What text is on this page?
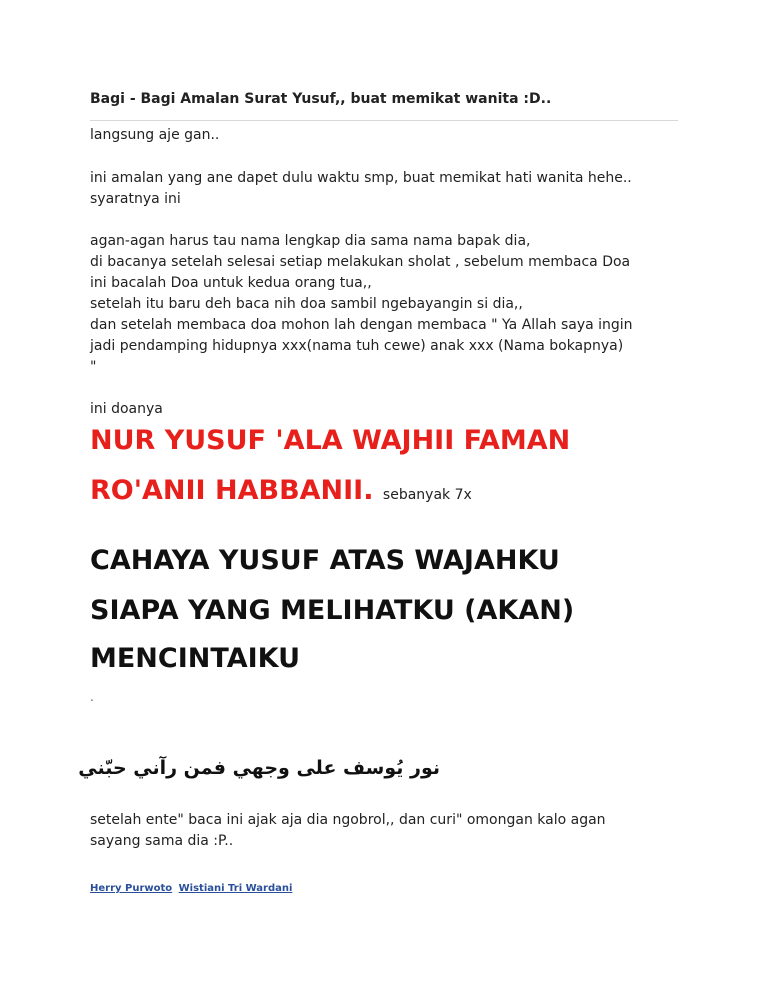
Bagi - Bagi Amalan Surat Yusuf,, buat memikat wanita :D..
langsung aje gan..
ini amalan yang ane dapet dulu waktu smp, buat memikat hati wanita hehe..
syaratnya ini
agan-agan harus tau nama lengkap dia sama nama bapak dia,
di bacanya setelah selesai setiap melakukan sholat , sebelum membaca Doa
ini bacalah Doa untuk kedua orang tua,,
setelah itu baru deh baca nih doa sambil ngebayangin si dia,,
dan setelah membaca doa mohon lah dengan membaca " Ya Allah saya ingin
jadi pendamping hidupnya xxx(nama tuh cewe) anak xxx (Nama bokapnya)
"
ini doanya
NUR YUSUF 'ALA WAJHII FAMAN
RO'ANII HABBANII. sebanyak 7x
CAHAYA YUSUF ATAS WAJAHKU
SIAPA YANG MELIHATKU (AKAN)
MENCINTAIKU
.
نور يُوسف على وجهي فمن رآني حبّني
setelah ente" baca ini ajak aja dia ngobrol,, dan curi" omongan kalo agan
sayang sama dia :P..
Herry Purwoto Wistiani Tri Wardani
